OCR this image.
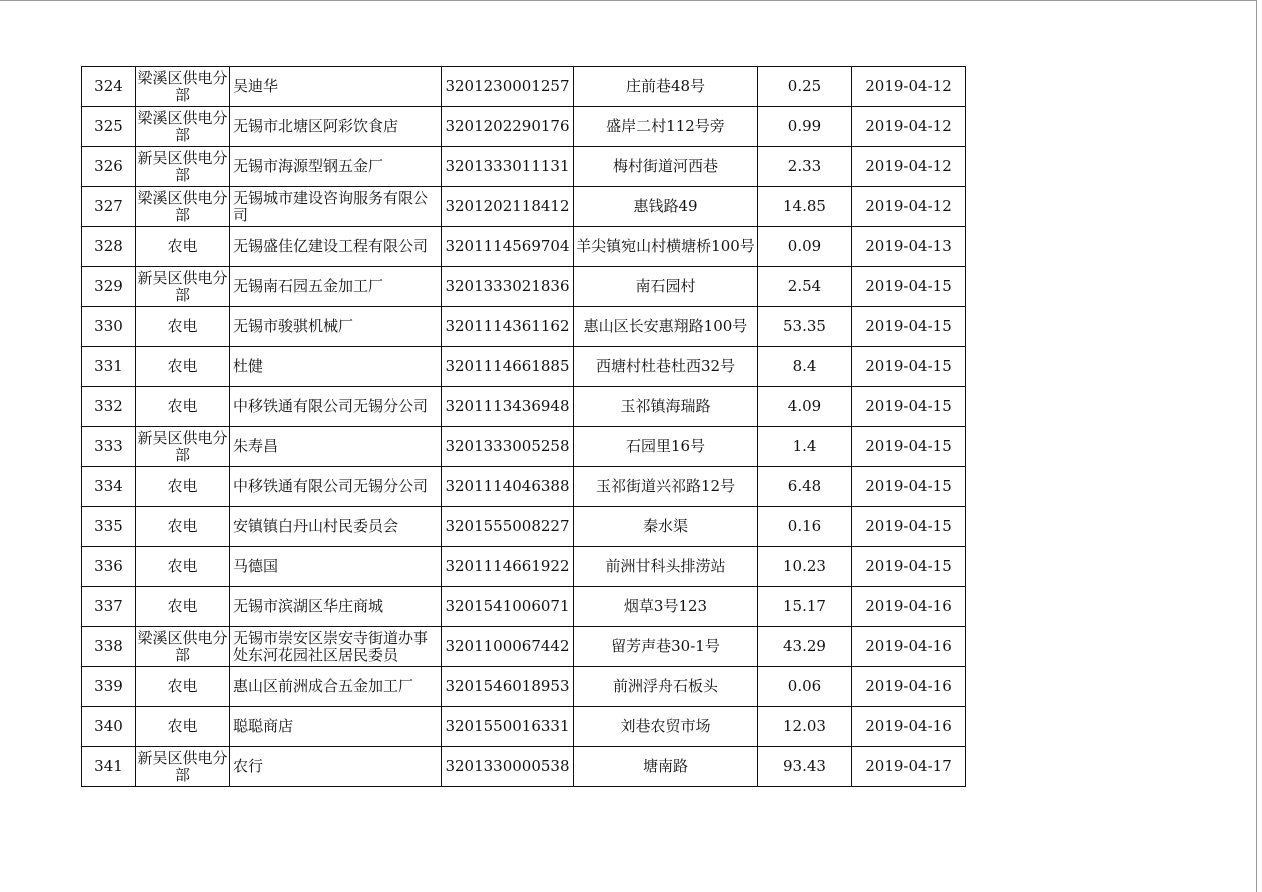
324	梁溪区供电分部	吴迪华	3201230001257	庄前巷48号	0.25	2019-04-12
325	梁溪区供电分部	无锡市北塘区阿彩饮食店	3201202290176	盛岸二村112号旁	0.99	2019-04-12
326	新吴区供电分部	无锡市海源型钢五金厂	3201333011131	梅村街道河西巷	2.33	2019-04-12
327	梁溪区供电分部	无锡城市建设咨询服务有限公司	3201202118412	惠钱路49	14.85	2019-04-12
328	农电	无锡盛佳亿建设工程有限公司	3201114569704	羊尖镇宛山村横塘桥100号	0.09	2019-04-13
329	新吴区供电分部	无锡南石园五金加工厂	3201333021836	南石园村	2.54	2019-04-15
330	农电	无锡市骏骐机械厂	3201114361162	惠山区长安惠翔路100号	53.35	2019-04-15
331	农电	杜健	3201114661885	西塘村杜巷杜西32号	8.4	2019-04-15
332	农电	中移铁通有限公司无锡分公司	3201113436948	玉祁镇海瑞路	4.09	2019-04-15
333	新吴区供电分部	朱寿昌	3201333005258	石园里16号	1.4	2019-04-15
334	农电	中移铁通有限公司无锡分公司	3201114046388	玉祁街道兴祁路12号	6.48	2019-04-15
335	农电	安镇镇白丹山村民委员会	3201555008227	秦水渠	0.16	2019-04-15
336	农电	马德国	3201114661922	前洲甘科头排涝站	10.23	2019-04-15
337	农电	无锡市滨湖区华庄商城	3201541006071	烟草3号123	15.17	2019-04-16
338	梁溪区供电分部	无锡市崇安区崇安寺街道办事处东河花园社区居民委员	3201100067442	留芳声巷30-1号	43.29	2019-04-16
339	农电	惠山区前洲成合五金加工厂	3201546018953	前洲浮舟石板头	0.06	2019-04-16
340	农电	聪聪商店	3201550016331	刘巷农贸市场	12.03	2019-04-16
341	新吴区供电分部	农行	3201330000538	塘南路	93.43	2019-04-17
